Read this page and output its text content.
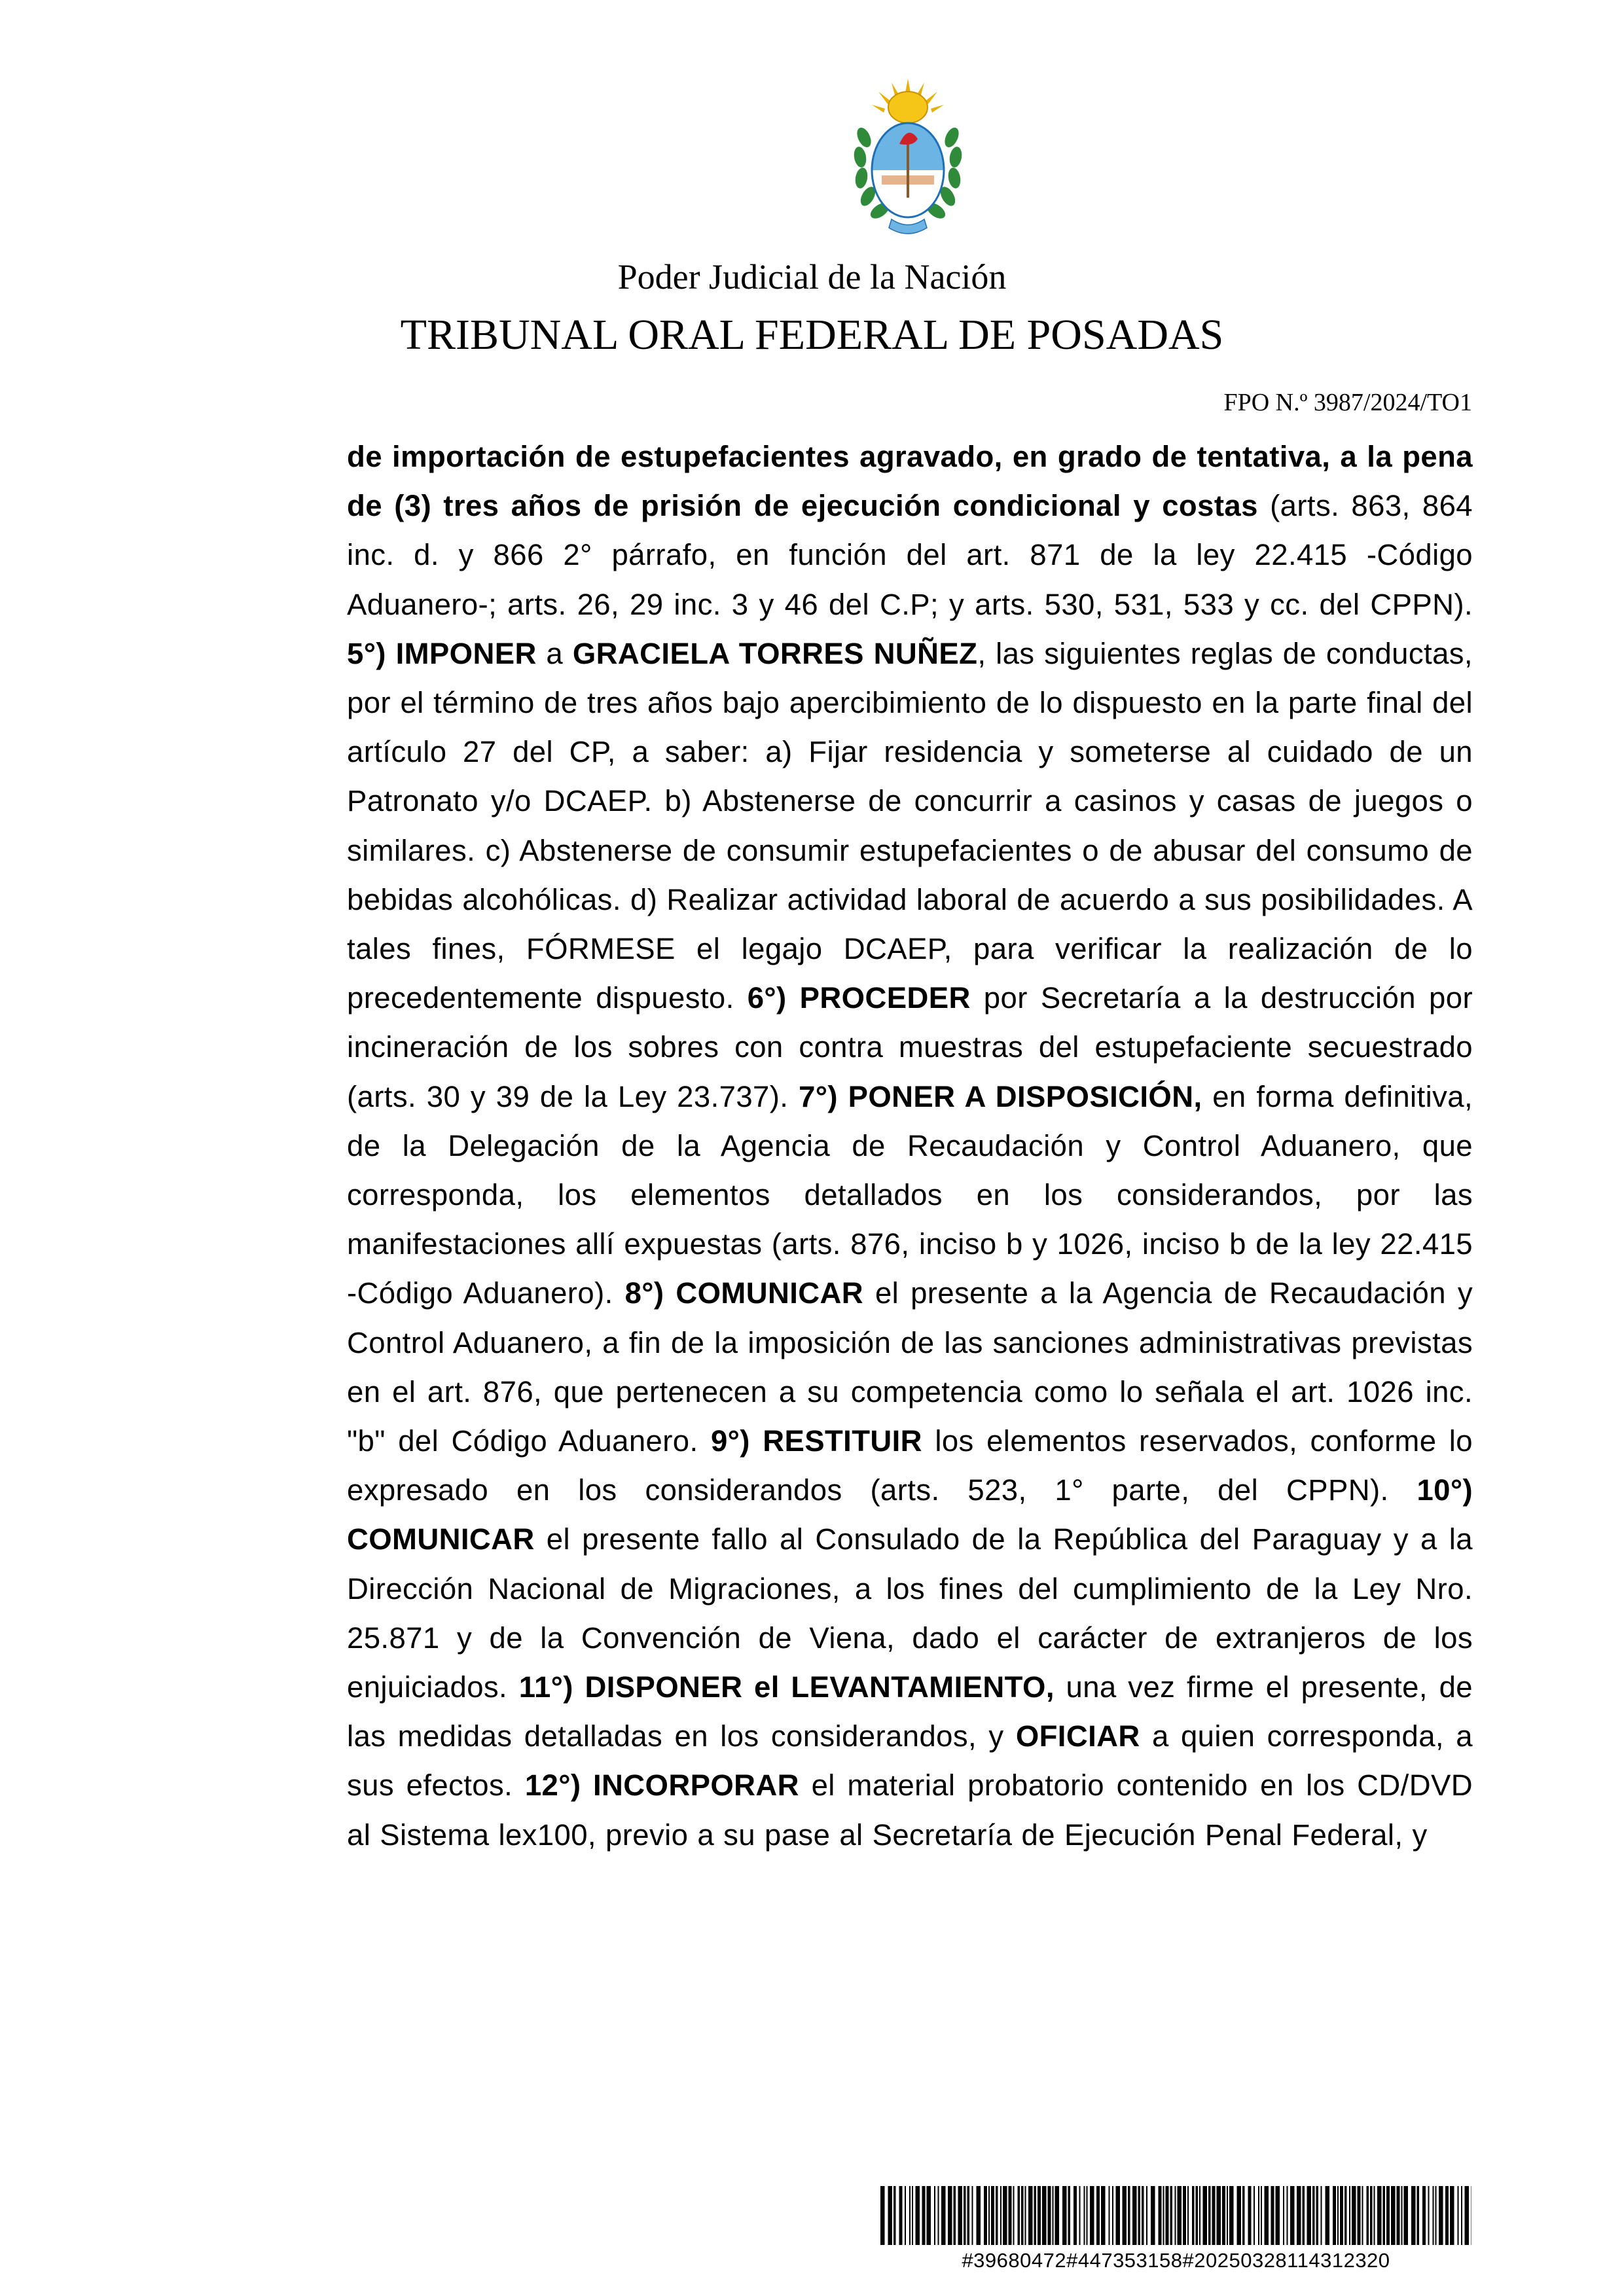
Poder Judicial de la Nación
TRIBUNAL ORAL FEDERAL DE POSADAS
FPO N.º 3987/2024/TO1
de importación de estupefacientes agravado, en grado de tentativa, a la pena de (3) tres años de prisión de ejecución condicional y costas (arts. 863, 864 inc. d. y 866 2° párrafo, en función del art. 871 de la ley 22.415 -Código Aduanero-; arts. 26, 29 inc. 3 y 46 del C.P; y arts. 530, 531, 533 y cc. del CPPN). 5°) IMPONER a GRACIELA TORRES NUÑEZ, las siguientes reglas de conductas, por el término de tres años bajo apercibimiento de lo dispuesto en la parte final del artículo 27 del CP, a saber: a) Fijar residencia y someterse al cuidado de un Patronato y/o DCAEP. b) Abstenerse de concurrir a casinos y casas de juegos o similares. c) Abstenerse de consumir estupefacientes o de abusar del consumo de bebidas alcohólicas. d) Realizar actividad laboral de acuerdo a sus posibilidades. A tales fines, FÓRMESE el legajo DCAEP, para verificar la realización de lo precedentemente dispuesto. 6°) PROCEDER por Secretaría a la destrucción por incineración de los sobres con contra muestras del estupefaciente secuestrado (arts. 30 y 39 de la Ley 23.737). 7°) PONER A DISPOSICIÓN, en forma definitiva, de la Delegación de la Agencia de Recaudación y Control Aduanero, que corresponda, los elementos detallados en los considerandos, por las manifestaciones allí expuestas (arts. 876, inciso b y 1026, inciso b de la ley 22.415 -Código Aduanero). 8°) COMUNICAR el presente a la Agencia de Recaudación y Control Aduanero, a fin de la imposición de las sanciones administrativas previstas en el art. 876, que pertenecen a su competencia como lo señala el art. 1026 inc. "b" del Código Aduanero. 9°) RESTITUIR los elementos reservados, conforme lo expresado en los considerandos (arts. 523, 1° parte, del CPPN). 10°) COMUNICAR el presente fallo al Consulado de la República del Paraguay y a la Dirección Nacional de Migraciones, a los fines del cumplimiento de la Ley Nro. 25.871 y de la Convención de Viena, dado el carácter de extranjeros de los enjuiciados. 11°) DISPONER el LEVANTAMIENTO, una vez firme el presente, de las medidas detalladas en los considerandos, y OFICIAR a quien corresponda, a sus efectos. 12°) INCORPORAR el material probatorio contenido en los CD/DVD al Sistema lex100, previo a su pase al Secretaría de Ejecución Penal Federal, y
#39680472#447353158#20250328114312320
